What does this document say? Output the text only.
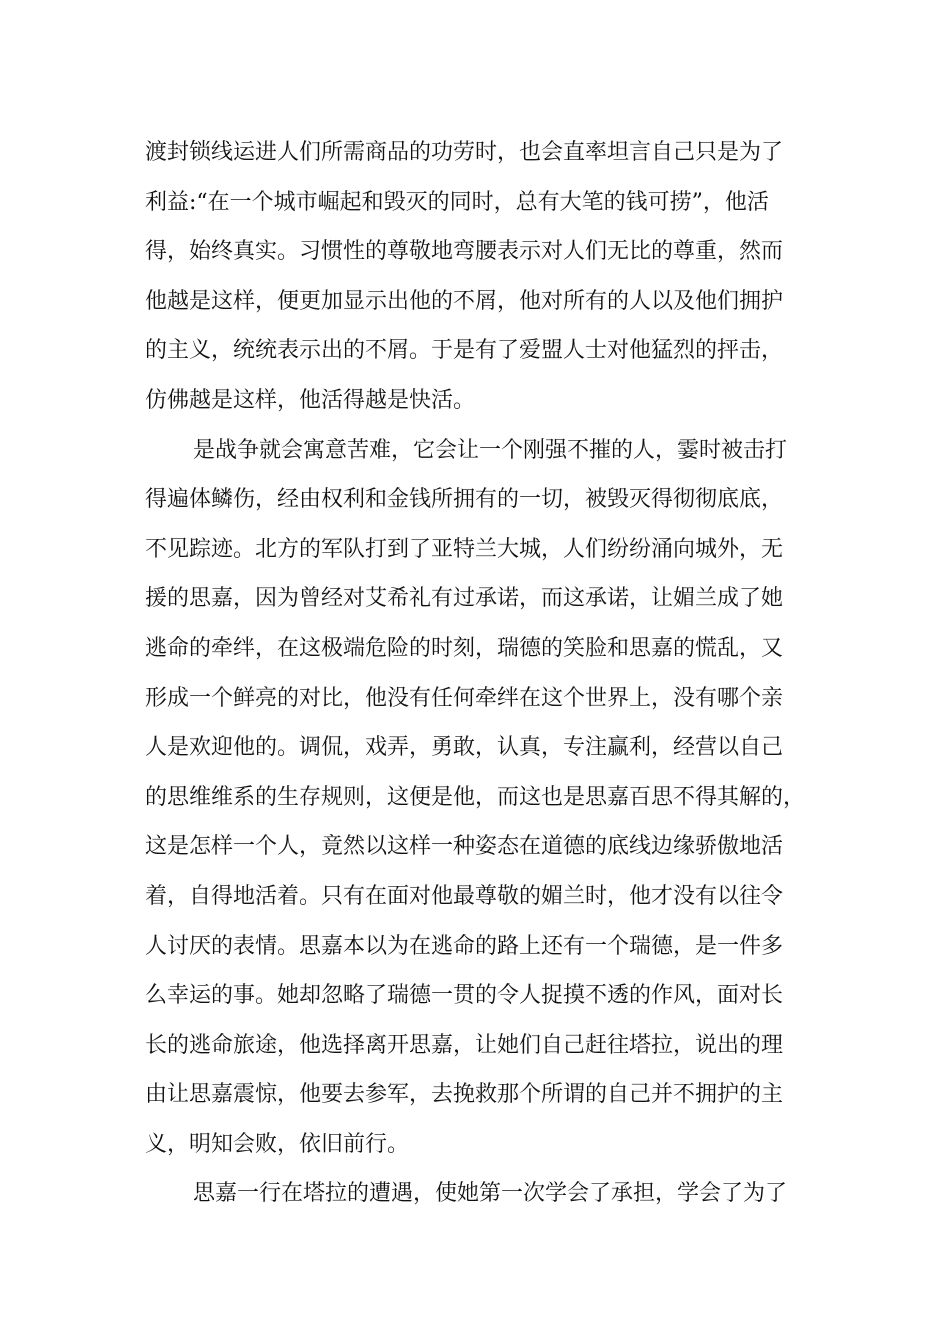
渡封锁线运进人们所需商品的功劳时，也会直率坦言自己只是为了
利益:“在一个城市崛起和毁灭的同时，总有大笔的钱可捞”，他活
得，始终真实。习惯性的尊敬地弯腰表示对人们无比的尊重，然而
他越是这样，便更加显示出他的不屑，他对所有的人以及他们拥护
的主义，统统表示出的不屑。于是有了爱盟人士对他猛烈的抨击，
仿佛越是这样，他活得越是快活。
是战争就会寓意苦难，它会让一个刚强不摧的人，霎时被击打
得遍体鳞伤，经由权利和金钱所拥有的一切，被毁灭得彻彻底底，
不见踪迹。北方的军队打到了亚特兰大城，人们纷纷涌向城外，无
援的思嘉，因为曾经对艾希礼有过承诺，而这承诺，让媚兰成了她
逃命的牵绊，在这极端危险的时刻，瑞德的笑脸和思嘉的慌乱，又
形成一个鲜亮的对比，他没有任何牵绊在这个世界上，没有哪个亲
人是欢迎他的。调侃，戏弄，勇敢，认真，专注赢利，经营以自己
的思维维系的生存规则，这便是他，而这也是思嘉百思不得其解的，
这是怎样一个人，竟然以这样一种姿态在道德的底线边缘骄傲地活
着，自得地活着。只有在面对他最尊敬的媚兰时，他才没有以往令
人讨厌的表情。思嘉本以为在逃命的路上还有一个瑞德，是一件多
么幸运的事。她却忽略了瑞德一贯的令人捉摸不透的作风，面对长
长的逃命旅途，他选择离开思嘉，让她们自己赶往塔拉，说出的理
由让思嘉震惊，他要去参军，去挽救那个所谓的自己并不拥护的主
义，明知会败，依旧前行。
思嘉一行在塔拉的遭遇，使她第一次学会了承担，学会了为了
